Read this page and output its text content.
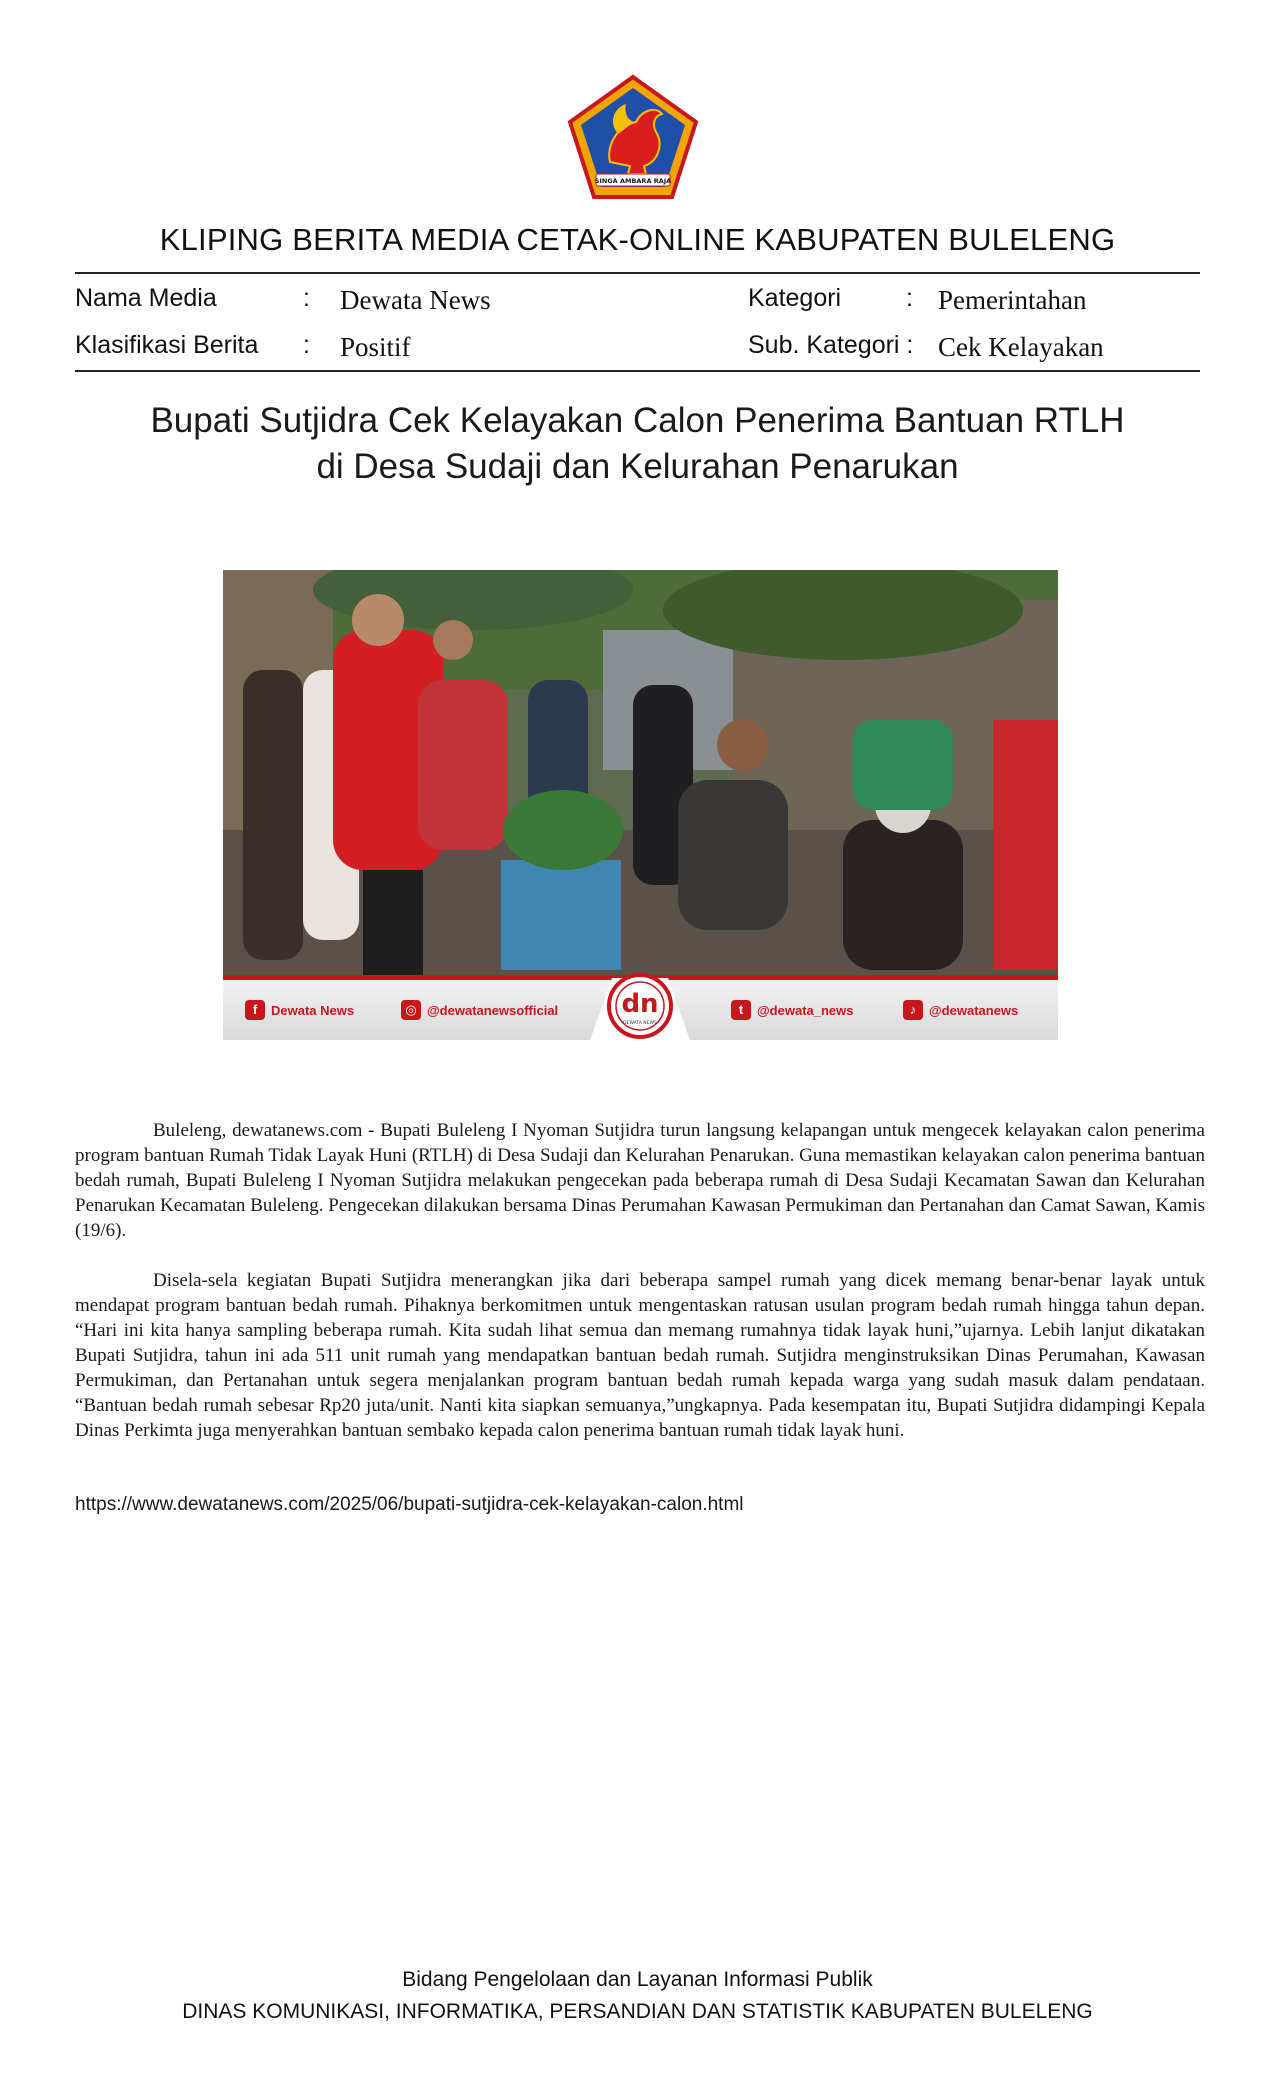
SINGA AMBARA RAJA
KLIPING BERITA MEDIA CETAK-ONLINE KABUPATEN BULELENG
Nama Media	: Dewata News	Kategori	: Pemerintahan
Klasifikasi Berita : Positif	Sub. Kategori : Cek Kelayakan
Bupati Sutjidra Cek Kelayakan Calon Penerima Bantuan RTLH
di Desa Sudaji dan Kelurahan Penarukan
f	Dewata News	◎ @dewatanewsofficial	t	@dewata_news	♪ @dewatanews
dn
DEWATA NEWS

Buleleng, dewatanews.com - Bupati Buleleng I Nyoman Sutjidra turun langsung kelapangan untuk mengecek kelayakan calon penerima program bantuan Rumah Tidak Layak Huni (RTLH) di Desa Sudaji dan Kelurahan Penarukan. Guna memastikan kelayakan calon penerima bantuan bedah rumah, Bupati Buleleng I Nyoman Sutjidra melakukan pengecekan pada beberapa rumah di Desa Sudaji Kecamatan Sawan dan Kelurahan Penarukan Kecamatan Buleleng. Pengecekan dilakukan bersama Dinas Perumahan Kawasan Permukiman dan Pertanahan dan Camat Sawan, Kamis (19/6).

Disela-sela kegiatan Bupati Sutjidra menerangkan jika dari beberapa sampel rumah yang dicek memang benar-benar layak untuk mendapat program bantuan bedah rumah. Pihaknya berkomitmen untuk mengentaskan ratusan usulan program bedah rumah hingga tahun depan. “Hari ini kita hanya sampling beberapa rumah. Kita sudah lihat semua dan memang rumahnya tidak layak huni,”ujarnya. Lebih lanjut dikatakan Bupati Sutjidra, tahun ini ada 511 unit rumah yang mendapatkan bantuan bedah rumah. Sutjidra menginstruksikan Dinas Perumahan, Kawasan Permukiman, dan Pertanahan untuk segera menjalankan program bantuan bedah rumah kepada warga yang sudah masuk dalam pendataan. “Bantuan bedah rumah sebesar Rp20 juta/unit. Nanti kita siapkan semuanya,”ungkapnya. Pada kesempatan itu, Bupati Sutjidra didampingi Kepala Dinas Perkimta juga menyerahkan bantuan sembako kepada calon penerima bantuan rumah tidak layak huni.

https://www.dewatanews.com/2025/06/bupati-sutjidra-cek-kelayakan-calon.html
Bidang Pengelolaan dan Layanan Informasi Publik
DINAS KOMUNIKASI, INFORMATIKA, PERSANDIAN DAN STATISTIK KABUPATEN BULELENG
